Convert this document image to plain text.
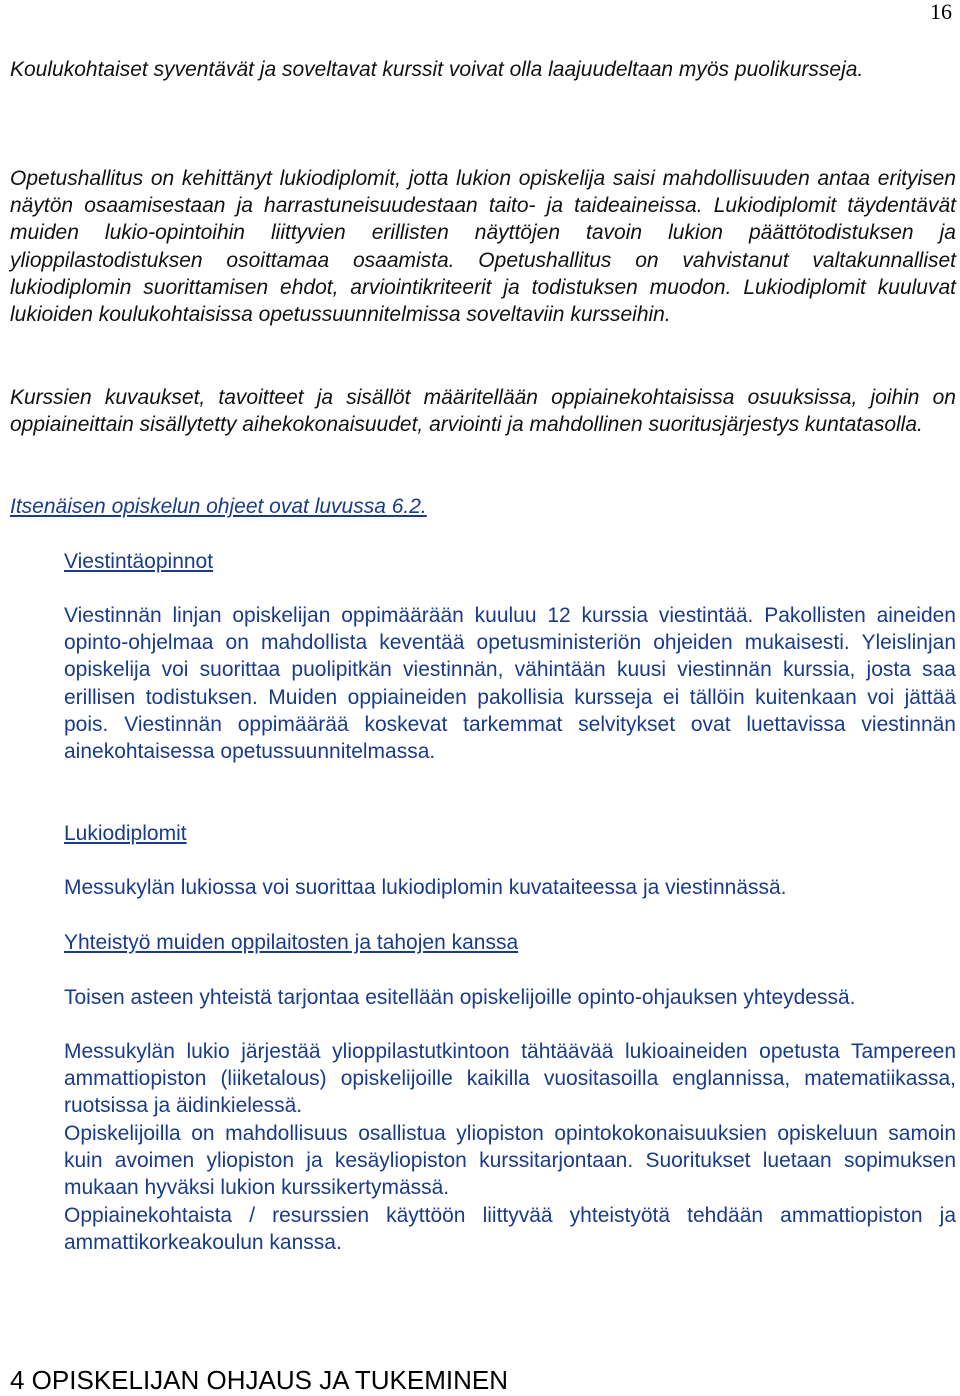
16

Koulukohtaiset syventävät ja soveltavat kurssit voivat olla laajuudeltaan myös puolikursseja.

Opetushallitus on kehittänyt lukiodiplomit, jotta lukion opiskelija saisi mahdollisuuden antaa erityisen näytön osaamisestaan ja harrastuneisuudestaan taito- ja taideaineissa. Lukiodiplomit täydentävät muiden lukio-opintoihin liittyvien erillisten näyttöjen tavoin lukion päättötodistuksen ja ylioppilastodistuksen osoittamaa osaamista. Opetushallitus on vahvistanut valtakunnalliset lukiodiplomin suorittamisen ehdot, arviointikriteerit ja todistuksen muodon. Lukiodiplomit kuuluvat lukioiden koulukohtaisissa opetussuunnitelmissa soveltaviin kursseihin.

Kurssien kuvaukset, tavoitteet ja sisällöt määritellään oppiainekohtaisissa osuuksissa, joihin on oppiaineittain sisällytetty aihekokonaisuudet, arviointi ja mahdollinen suoritusjärjestys kuntatasolla.

Itsenäisen opiskelun ohjeet ovat luvussa 6.2.
Viestintäopinnot

Viestinnän linjan opiskelijan oppimäärään kuuluu 12 kurssia viestintää. Pakollisten aineiden opinto-ohjelmaa on mahdollista keventää opetusministeriön ohjeiden mukaisesti. Yleislinjan opiskelija voi suorittaa puolipitkän viestinnän, vähintään kuusi viestinnän kurssia, josta saa erillisen todistuksen. Muiden oppiaineiden pakollisia kursseja ei tällöin kuitenkaan voi jättää pois. Viestinnän oppimäärää koskevat tarkemmat selvitykset ovat luettavissa viestinnän ainekohtaisessa opetussuunnitelmassa.

Lukiodiplomit

Messukylän lukiossa voi suorittaa lukiodiplomin kuvataiteessa ja viestinnässä.

Yhteistyö muiden oppilaitosten ja tahojen kanssa

Toisen asteen yhteistä tarjontaa esitellään opiskelijoille opinto-ohjauksen yhteydessä.

Messukylän lukio järjestää ylioppilastutkintoon tähtäävää lukioaineiden opetusta Tampereen ammattiopiston (liiketalous) opiskelijoille kaikilla vuositasoilla englannissa, matematiikassa, ruotsissa ja äidinkielessä.

Opiskelijoilla on mahdollisuus osallistua yliopiston opintokokonaisuuksien opiskeluun samoin kuin avoimen yliopiston ja kesäyliopiston kurssitarjontaan. Suoritukset luetaan sopimuksen mukaan hyväksi lukion kurssikertymässä.

Oppiainekohtaista / resurssien käyttöön liittyvää yhteistyötä tehdään ammattiopiston ja ammattikorkeakoulun kanssa.

4 OPISKELIJAN OHJAUS JA TUKEMINEN
